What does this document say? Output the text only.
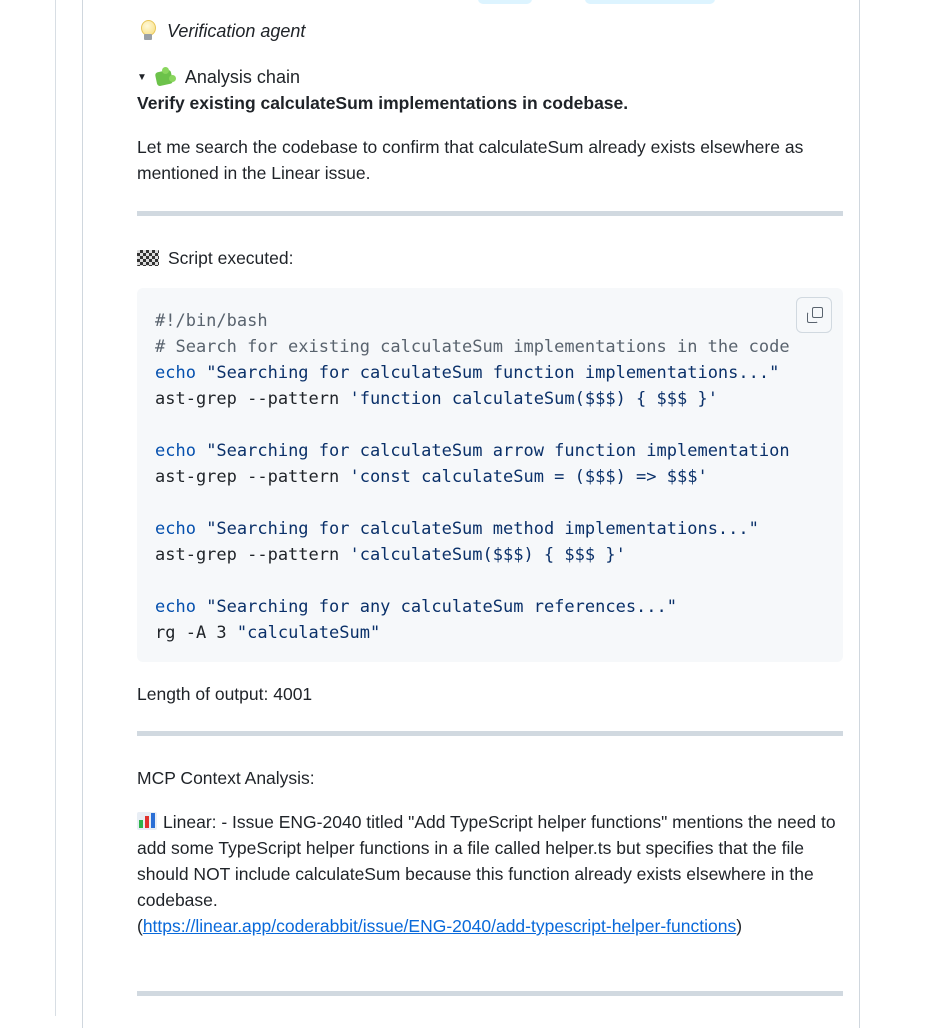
Verification agent
▼ Analysis chain

Verify existing calculateSum implementations in codebase.

Let me search the codebase to confirm that calculateSum already exists elsewhere as mentioned in the Linear issue.

Script executed:
#!/bin/bash
# Search for existing calculateSum implementations in the code
echo "Searching for calculateSum function implementations..."
ast-grep --pattern 'function calculateSum($$$) { $$$ }'
echo "Searching for calculateSum arrow function implementation
ast-grep --pattern 'const calculateSum = ($$$) => $$$'
echo "Searching for calculateSum method implementations..."
ast-grep --pattern 'calculateSum($$$) { $$$ }'
echo "Searching for any calculateSum references..."
rg -A 3 "calculateSum"

Length of output: 4001

MCP Context Analysis:

Linear: - Issue ENG-2040 titled "Add TypeScript helper functions" mentions the need to add some TypeScript helper functions in a file called helper.ts but specifies that the file should NOT include calculateSum because this function already exists elsewhere in the codebase.
(https://linear.app/coderabbit/issue/ENG-2040/add-typescript-helper-functions)
